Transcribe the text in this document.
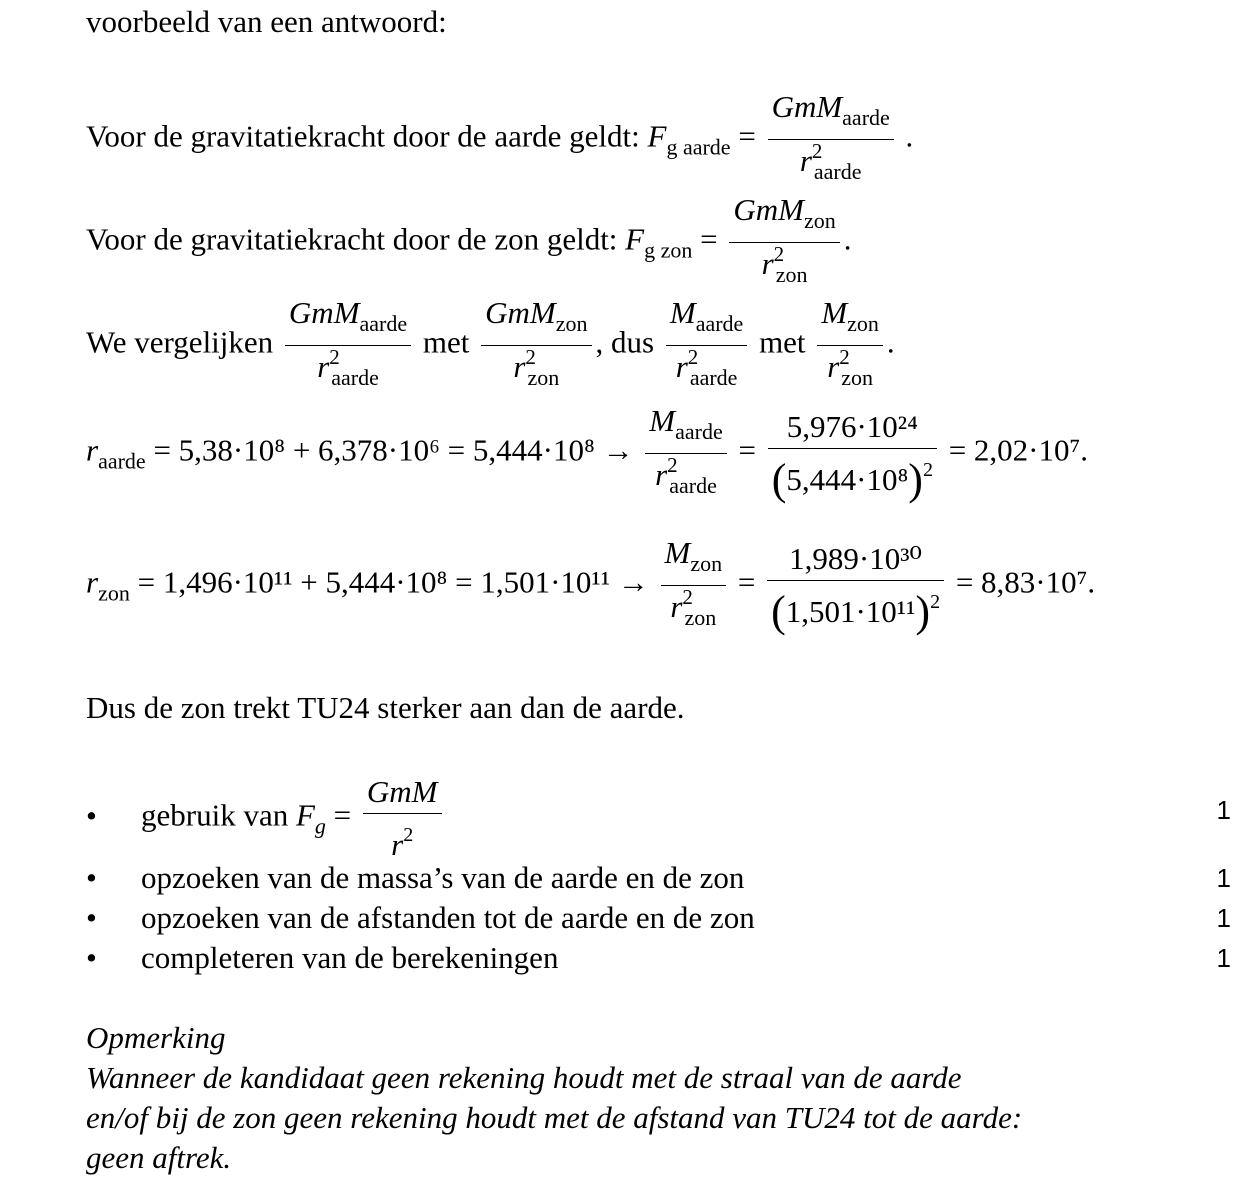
voorbeeld van een antwoord:
Voor de gravitatiekracht door de aarde geldt: $F_{g aarde} = GmM_{aarde}$
r 2
$_{aarde}$ .
Voor de gravitatiekracht door de zon geldt: $F_{g zon} = GmM_{zon}$
r 2
$_{zon}$ .
We vergelijken GmM$_{aarde}$
r 2
$_{aarde}$ met GmM$_{zon}$
r 2
$_{zon}$ , dus $M_{aarde}$
r 2
$_{aarde}$ met $M_{zon}$
r 2
$_{zon}$ .
$r_{aarde} = 5,38\cdot 10^8 + 6,378\cdot 10^6 = 5,444\cdot 10^8 \to M_{aarde}$
r 2
$_{aarde} = \frac{\text{5,976·10²⁴}}{(5,444\cdot 10^8)^2} = 2,02\cdot 10^7$.
$r_{zon} = 1,496\cdot 10^{11} + 5,444\cdot 10^8 = 1,501\cdot 10^{11} \to M_{zon}$
r 2
$_{zon} = \frac{\text{1,989·10³⁰}}{(1,501\cdot 10^{11})^2} = 8,83\cdot 10^7$.
Dus de zon trekt TU24 sterker aan dan de aarde.
• gebruik van $F_g = \frac{\text{GmM}}{r^2}$	1
• opzoeken van de massa’s van de aarde en de zon	1
• opzoeken van de afstanden tot de aarde en de zon	1
• completeren van de berekeningen	1
Opmerking
Wanneer de kandidaat geen rekening houdt met de straal van de aarde
en/of bij de zon geen rekening houdt met de afstand van TU24 tot de aarde:
geen aftrek.
